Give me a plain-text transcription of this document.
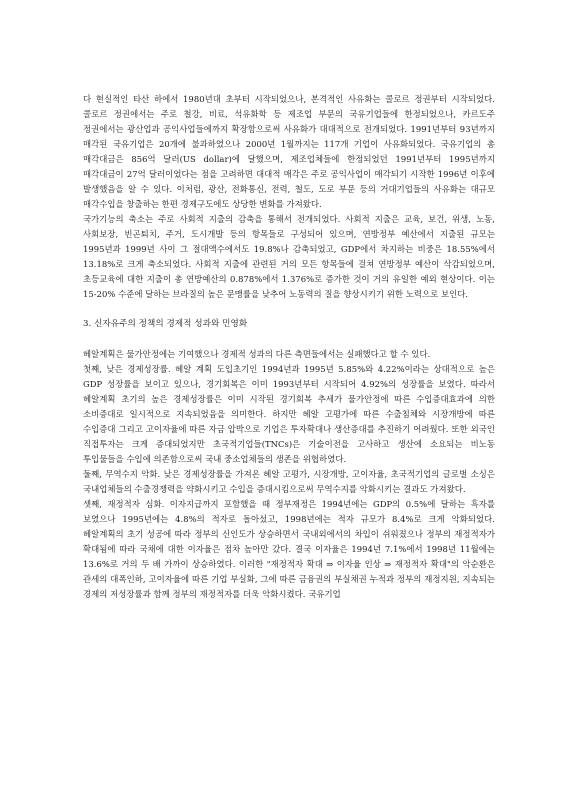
다 현실적인 타산 하에서 1980년대 초부터 시작되었으나, 본격적인 사유화는 콜로르 정권부터 시작되었다. 콜로르 정권에서는 주로 철강, 비료, 석유화학 등 제조업 부문의 국유기업들에 한정되었으나, 카르도주 정권에서는 광산업과 공익사업들에까지 확장함으로써 사유화가 대대적으로 전개되었다. 1991년부터 93년까지 매각된 국유기업은 20개에 불과하였으나 2000년 1월까지는 117개 기업이 사유화되었다. 국유기업의 총 매각대금은 856억 달러(US dollar)에 달했으며, 제조업체들에 한정되었던 1991년부터 1995년까지 매각대금이 27억 달러이었다는 점을 고려하면 대대적 매각은 주로 공익사업이 매각되기 시작한 1996년 이후에 발생했음을 알 수 있다. 이처럼, 광산, 전화통신, 전력, 철도, 도로 부문 등의 거대기업들의 사유화는 대규모 매각수입을 창출하는 한편 경제구도에도 상당한 변화를 가져왔다.

국가기능의 축소는 주로 사회적 지출의 감축을 통해서 전개되었다. 사회적 지출은 교육, 보건, 위생, 노동, 사회보장, 빈곤퇴치, 주거, 도시개발 등의 항목들로 구성되어 있으며, 연방정부 예산에서 지출된 규모는 1995년과 1999년 사이 그 절대액수에서도 19.8%나 감축되었고, GDP에서 차지하는 비중은 18.55%에서 13.18%로 크게 축소되었다. 사회적 지출에 관련된 거의 모든 항목들에 걸쳐 연방정부 예산이 삭감되었으며, 초등교육에 대한 지출이 총 연방예산의 0.878%에서 1.376%로 증가한 것이 거의 유일한 예외 현상이다. 이는 15-20% 수준에 달하는 브라질의 높은 문맹률을 낮추어 노동력의 질을 향상시키기 위한 노력으로 보인다.

3. 신자유주의 정책의 경제적 성과와 민영화

헤알계획은 물가안정에는 기여했으나 경제적 성과의 다른 측면들에서는 실패했다고 할 수 있다.

첫째, 낮은 경제성장률. 헤알 계획 도입초기인 1994년과 1995년 5.85%와 4.22%이라는 상대적으로 높은 GDP 성장률을 보이고 있으나, 경기회복은 이미 1993년부터 시작되어 4.92%의 성장률을 보였다. 따라서 헤알계획 초기의 높은 경제성장률은 이미 시작된 경기회복 추세가 물가안정에 따른 수입증대효과에 의한 소비증대로 일시적으로 지속되었음을 의미한다. 하지만 헤알 고평가에 따른 수출침체와 시장개방에 따른 수입증대 그리고 고이자율에 따른 자금 압박으로 기업은 투자확대나 생산증대를 추진하기 어려웠다. 또한 외국인 직접투자는 크게 증대되었지만 초국적기업들(TNCs)은 기술이전을 고사하고 생산에 소요되는 비노동 투입물들을 수입에 의존함으로써 국내 중소업체들의 생존을 위협하였다.

둘째, 무역수지 악화. 낮은 경제성장률을 가져온 헤알 고평가, 시장개방, 고이자율, 초국적기업의 글로벌 소싱은 국내업체들의 수출경쟁력을 약화시키고 수입을 증대시킴으로써 무역수지를 악화시키는 결과도 가져왔다.

셋째, 재정적자 심화. 이자지급까지 포함했을 때 정부재정은 1994년에는 GDP의 0.5%에 달하는 흑자를 보였으나 1995년에는 4.8%의 적자로 돌아섰고, 1998년에는 적자 규모가 8.4%로 크게 악화되었다. 헤알계획의 초기 성공에 따라 정부의 신인도가 상승하면서 국내외에서의 차입이 쉬워졌으나 정부의 재정적자가 확대됨에 따라 국채에 대한 이자율은 점차 높아만 갔다. 결국 이자율은 1994년 7.1%에서 1998년 11월에는 13.6%로 거의 두 배 가까이 상승하였다. 이러한 "재정적자 확대 ⇒ 이자율 인상 ⇒ 재정적자 확대"의 악순환은 관세의 대폭인하, 고이자율에 따른 기업 부실화, 그에 따른 금융권의 부실채권 누적과 정부의 재정지원, 지속되는 경제의 저성장률과 함께 정부의 재정적자를 더욱 악화시켰다. 국유기업
